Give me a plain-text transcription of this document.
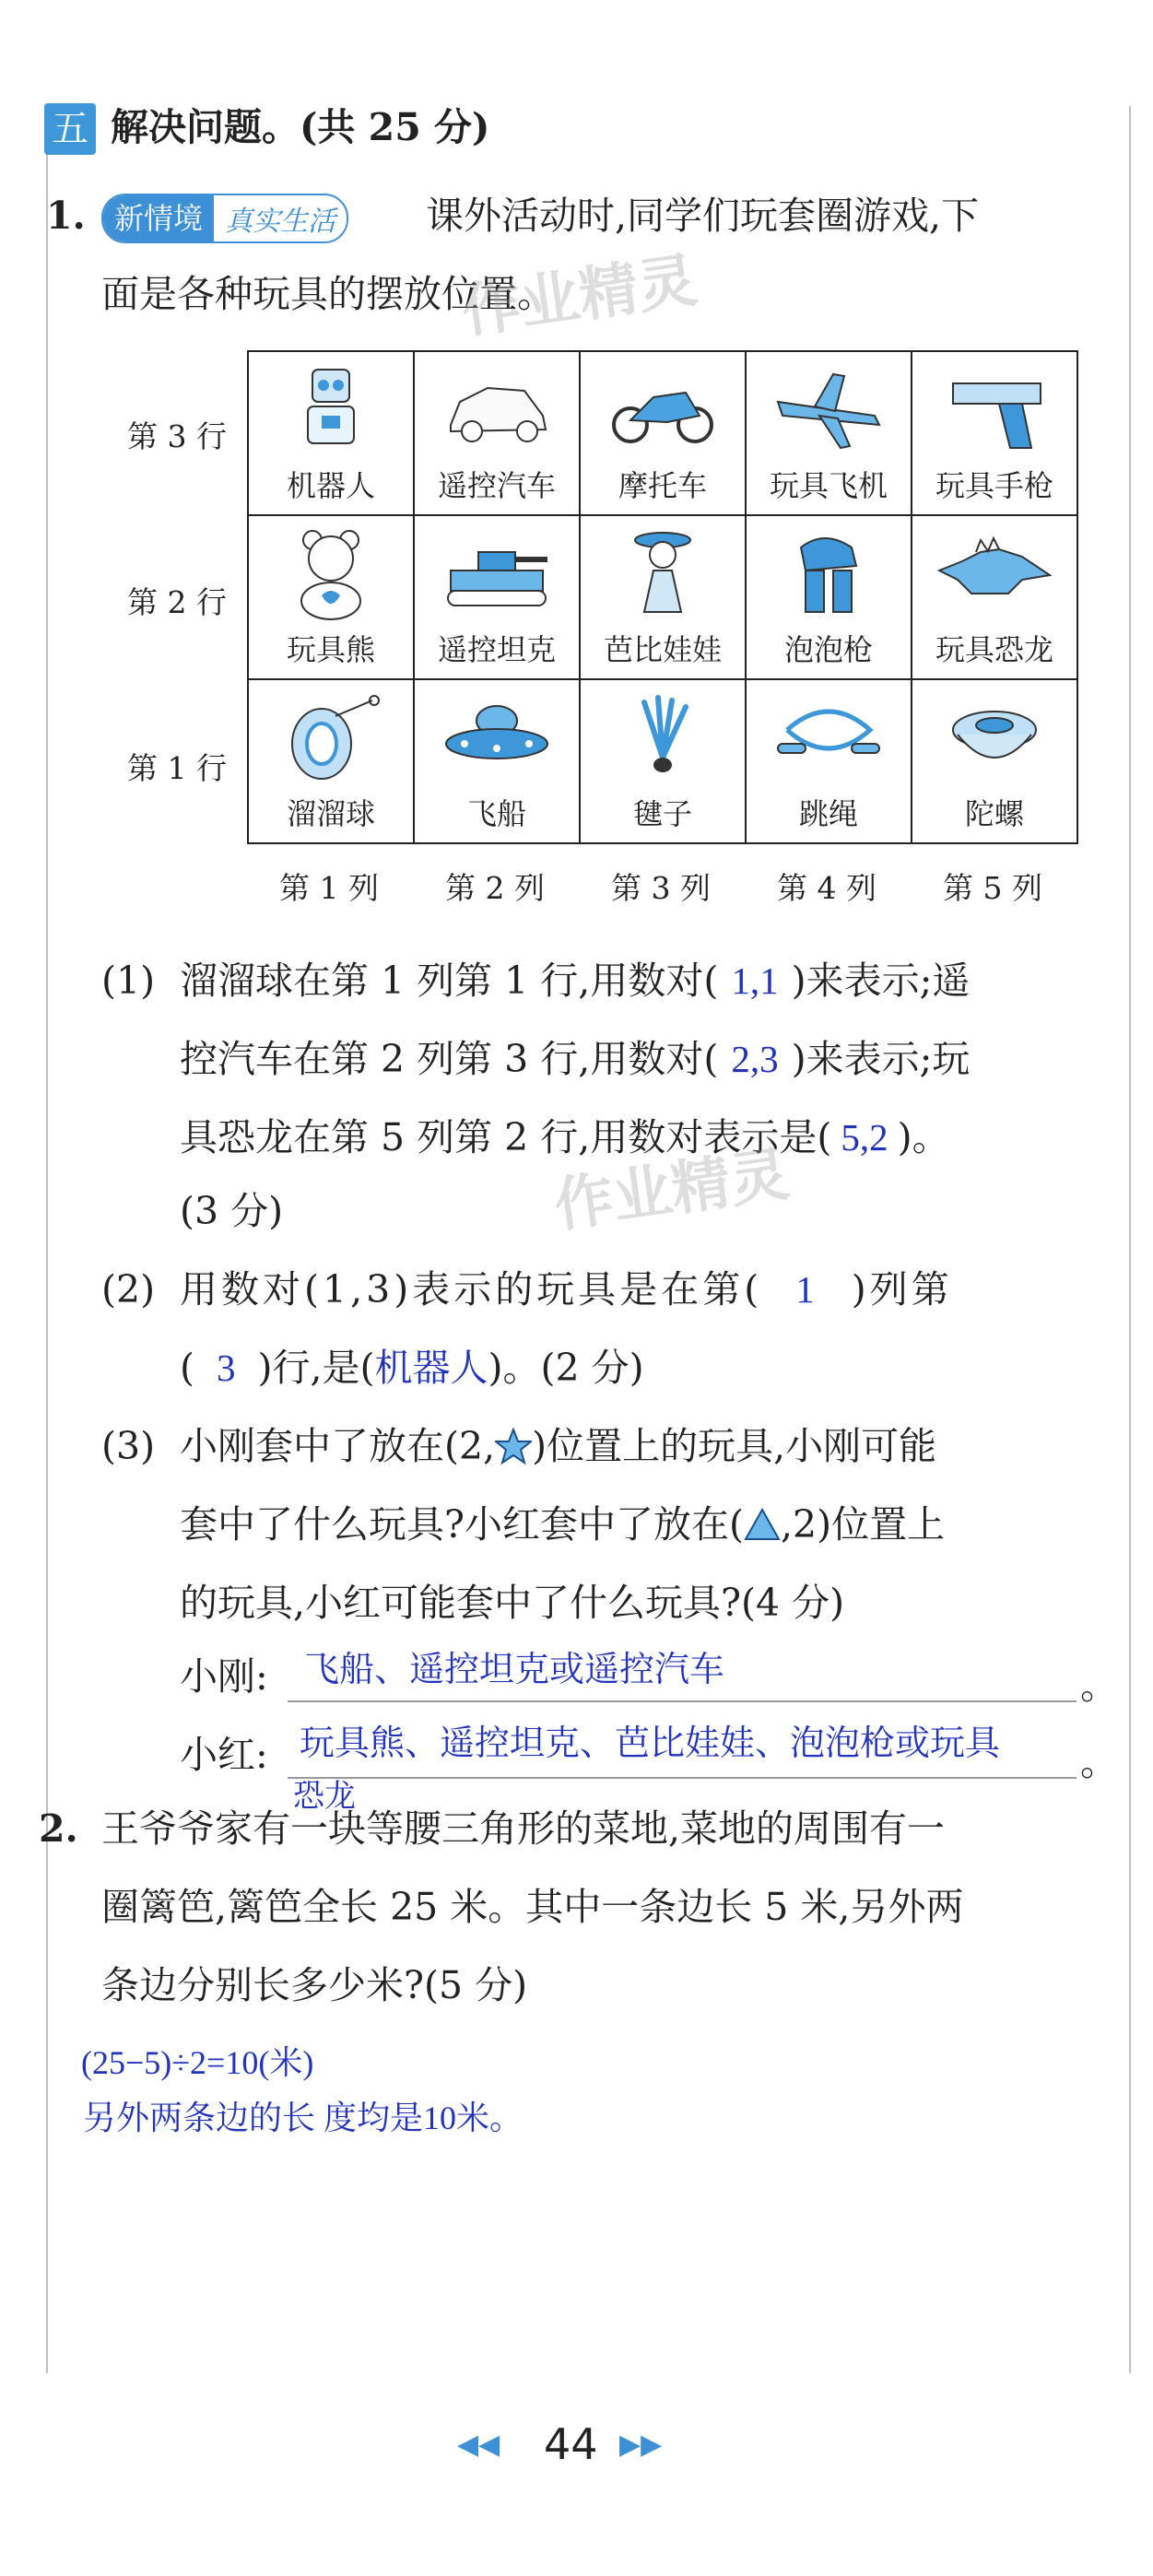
五 解决问题。(共 25 分)
1. 新情境 真实生活 课外活动时,同学们玩套圈游戏,下
面是各种玩具的摆放位置。
作业精灵
第 3 行
第 2 行
第 1 行
机器人	遥控汽车	摩托车	玩具飞机	玩具手枪

玩具熊	遥控坦克	芭比娃娃	泡泡枪	玩具恐龙

溜溜球	飞船	毽子	跳绳	陀螺
第 1 列 第 2 列 第 3 列 第 4 列 第 5 列
(1) 溜溜球在第 1 列第 1 行,用数对( 1,1 )来表示;遥
控汽车在第 2 列第 3 行,用数对( 2,3 )来表示;玩
具恐龙在第 5 列第 2 行,用数对表示是( 5,2 )。
(3 分)	作业精灵
(2) 用数对(1,3)表示的玩具是在第( 1 )列第
( 3 )行,是(机器人)。(2 分)
(3) 小刚套中了放在(2, )位置上的玩具,小刚可能
套中了什么玩具?小红套中了放在( ,2)位置上
的玩具,小红可能套中了什么玩具?(4 分)
小刚: 飞船、遥控坦克或遥控汽车	。
小红: 玩具熊、遥控坦克、芭比娃娃、泡泡枪或玩具 。
恐龙
2. 王爷爷家有一块等腰三角形的菜地,菜地的周围有一
圈篱笆,篱笆全长 25 米。其中一条边长 5 米,另外两
条边分别长多少米?(5 分)
(25−5)÷2=10(米)
另外两条边的长 度均是10米。
◀◀ 44 ▶▶
